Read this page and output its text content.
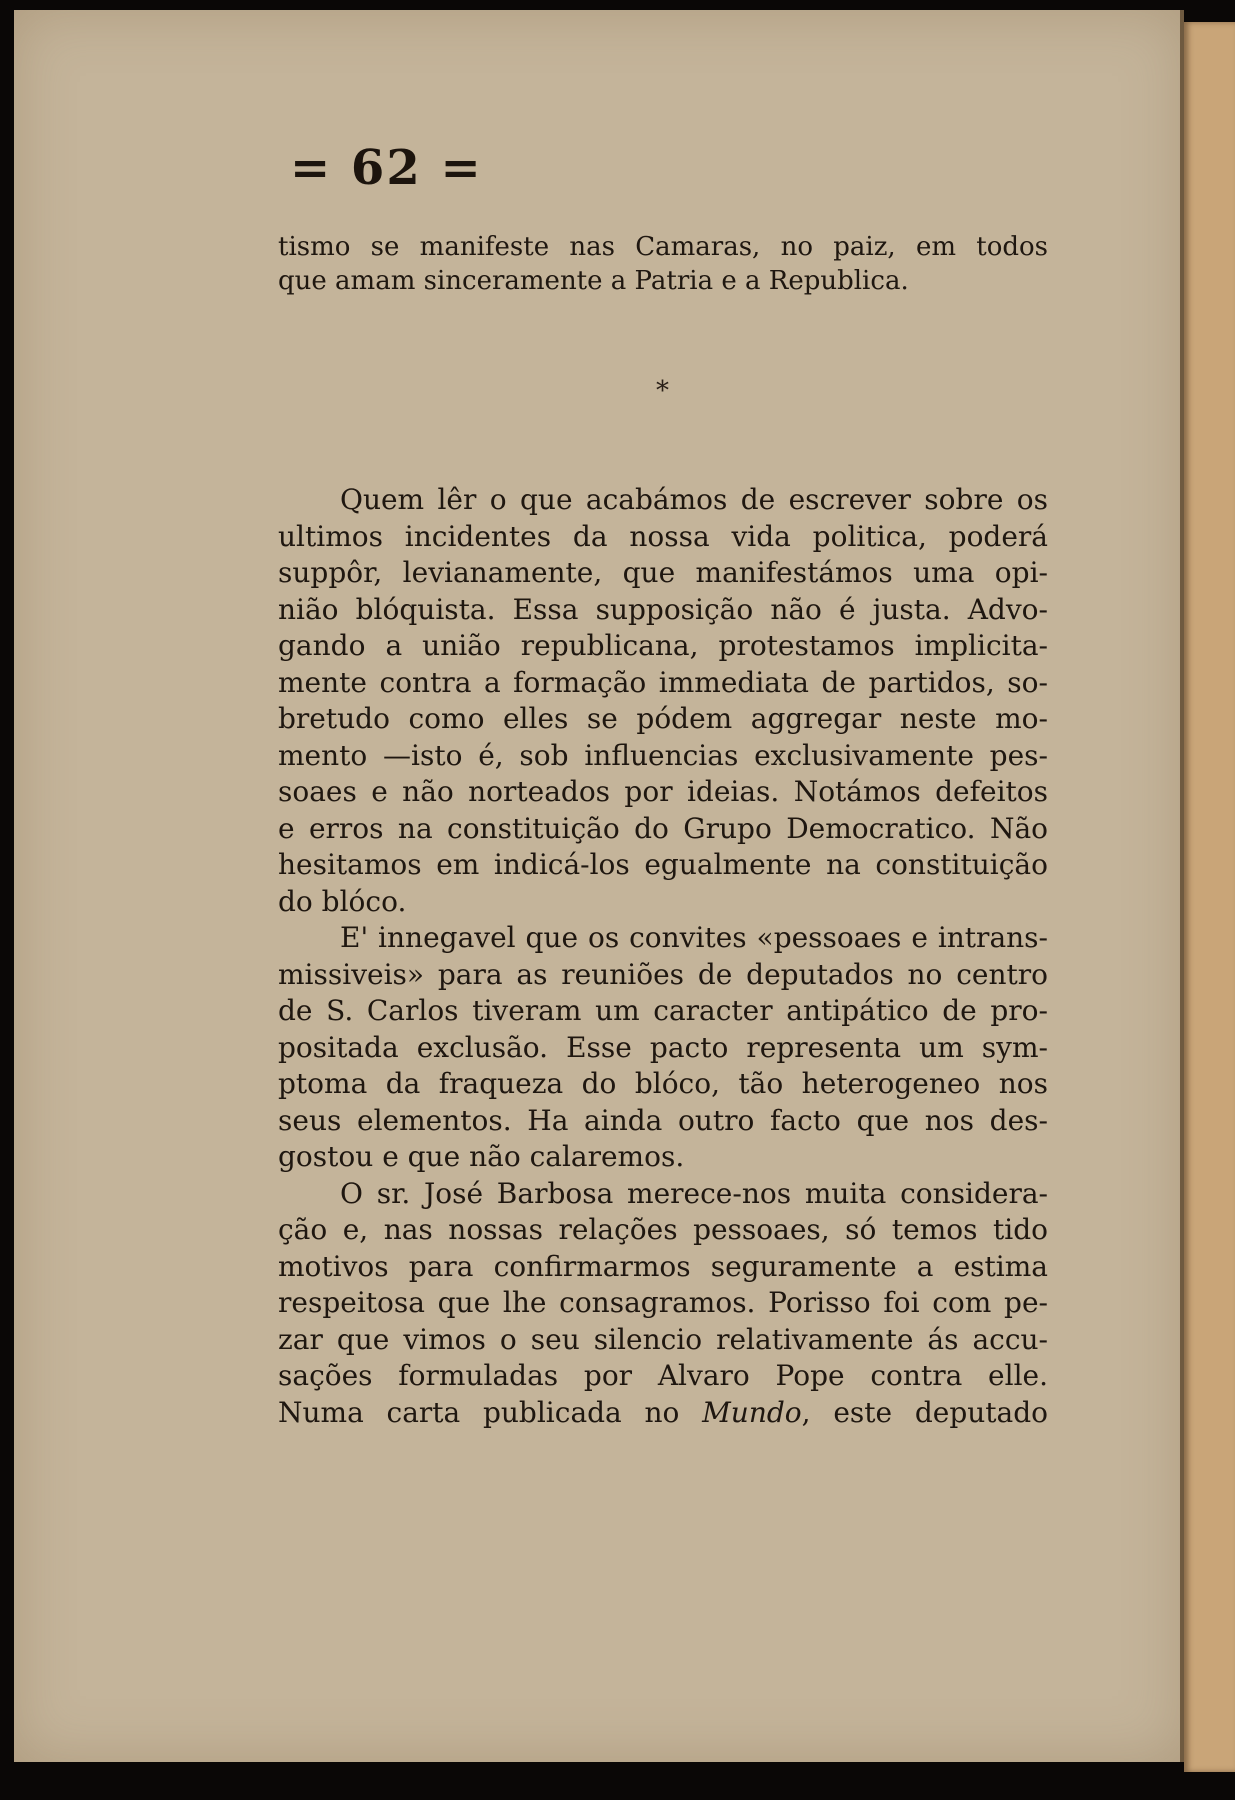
= 62 =
tismo se manifeste nas Camaras, no paiz, em todos
que amam sinceramente a Patria e a Republica.
*
Quem lêr o que acabámos de escrever sobre os
ultimos incidentes da nossa vida politica, poderá
suppôr, levianamente, que manifestámos uma opi-
nião blóquista. Essa supposição não é justa. Advo-
gando a união republicana, protestamos implicita-
mente contra a formação immediata de partidos, so-
bretudo como elles se pódem aggregar neste mo-
mento —isto é, sob influencias exclusivamente pes-
soaes e não norteados por ideias. Notámos defeitos
e erros na constituição do Grupo Democratico. Não
hesitamos em indicá-los egualmente na constituição
do blóco.
E' innegavel que os convites «pessoaes e intrans-
missiveis» para as reuniões de deputados no centro
de S. Carlos tiveram um caracter antipático de pro-
positada exclusão. Esse pacto representa um sym-
ptoma da fraqueza do blóco, tão heterogeneo nos
seus elementos. Ha ainda outro facto que nos des-
gostou e que não calaremos.
O sr. José Barbosa merece-nos muita considera-
ção e, nas nossas relações pessoaes, só temos tido
motivos para confirmarmos seguramente a estima
respeitosa que lhe consagramos. Porisso foi com pe-
zar que vimos o seu silencio relativamente ás accu-
sações formuladas por Alvaro Pope contra elle.
Numa carta publicada no Mundo, este deputado
